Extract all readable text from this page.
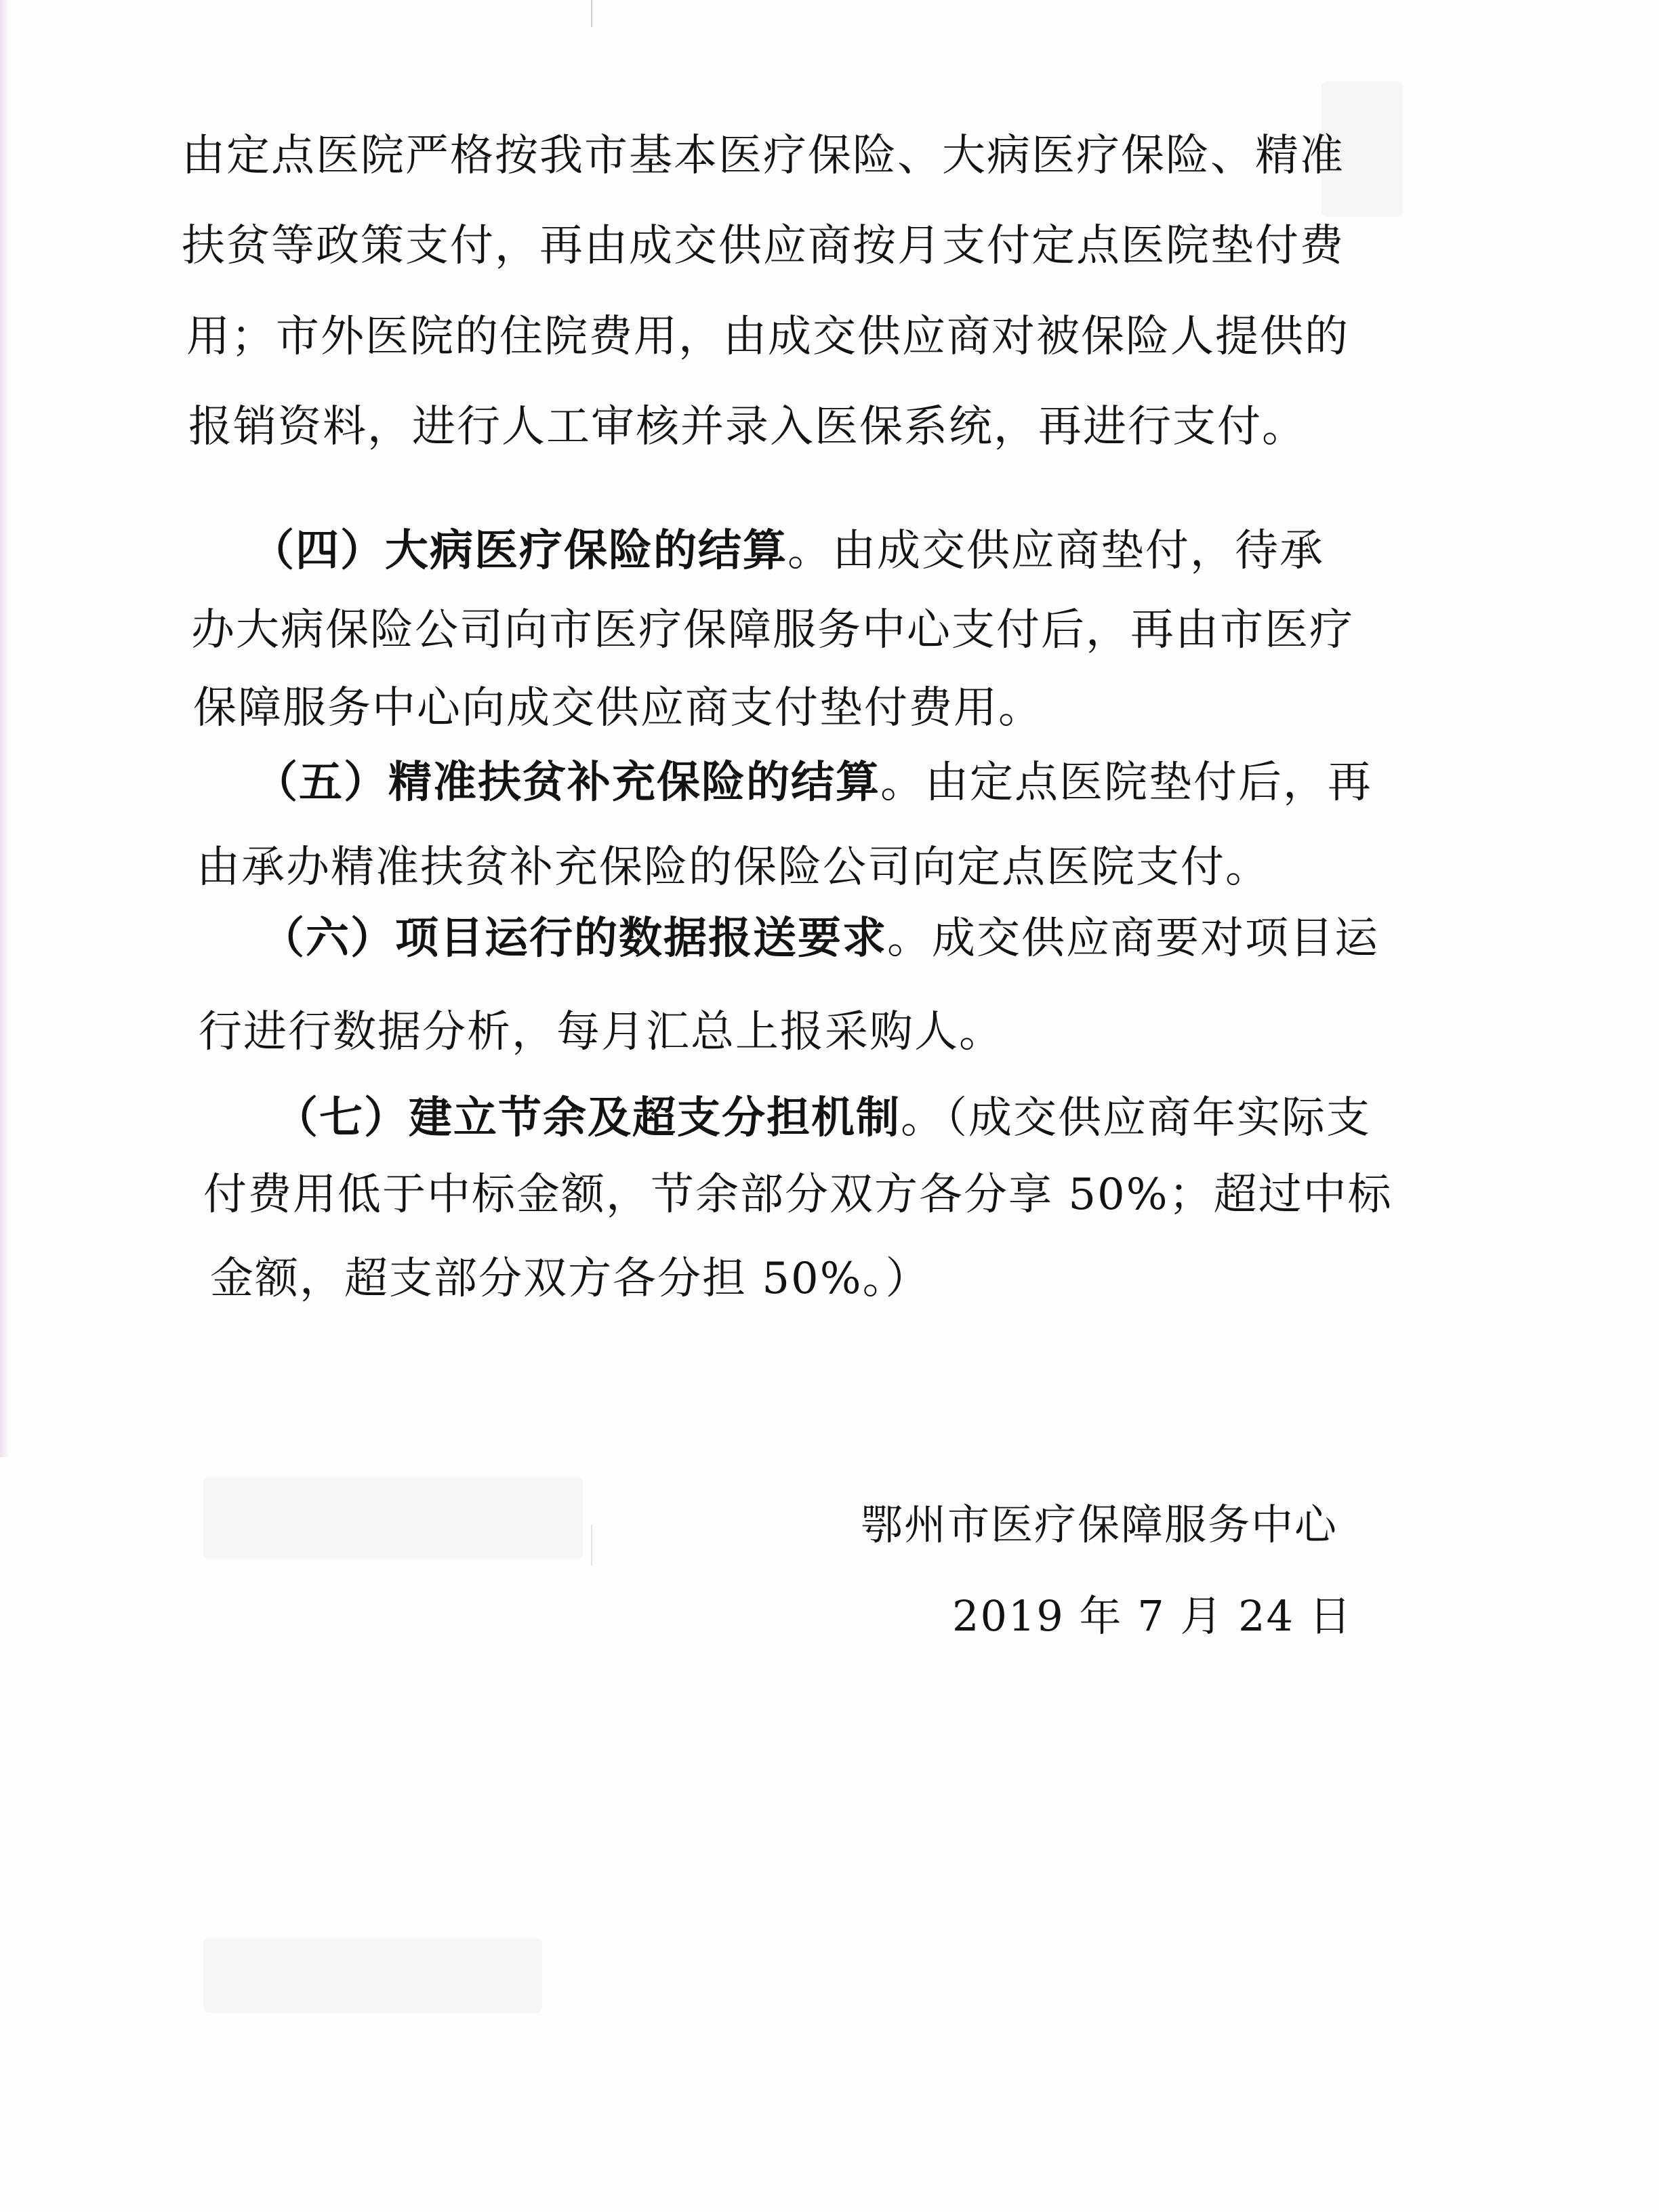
由定点医院严格按我市基本医疗保险、大病医疗保险、精准
扶贫等政策支付，再由成交供应商按月支付定点医院垫付费
用；市外医院的住院费用，由成交供应商对被保险人提供的
报销资料，进行人工审核并录入医保系统，再进行支付。
（四）大病医疗保险的结算。由成交供应商垫付，待承
办大病保险公司向市医疗保障服务中心支付后，再由市医疗
保障服务中心向成交供应商支付垫付费用。
（五）精准扶贫补充保险的结算。由定点医院垫付后，再
由承办精准扶贫补充保险的保险公司向定点医院支付。
（六）项目运行的数据报送要求。成交供应商要对项目运
行进行数据分析，每月汇总上报采购人。
（七）建立节余及超支分担机制。（成交供应商年实际支
付费用低于中标金额，节余部分双方各分享 50%；超过中标
金额，超支部分双方各分担 50%。）
鄂州市医疗保障服务中心
2019 年 7 月 24 日
